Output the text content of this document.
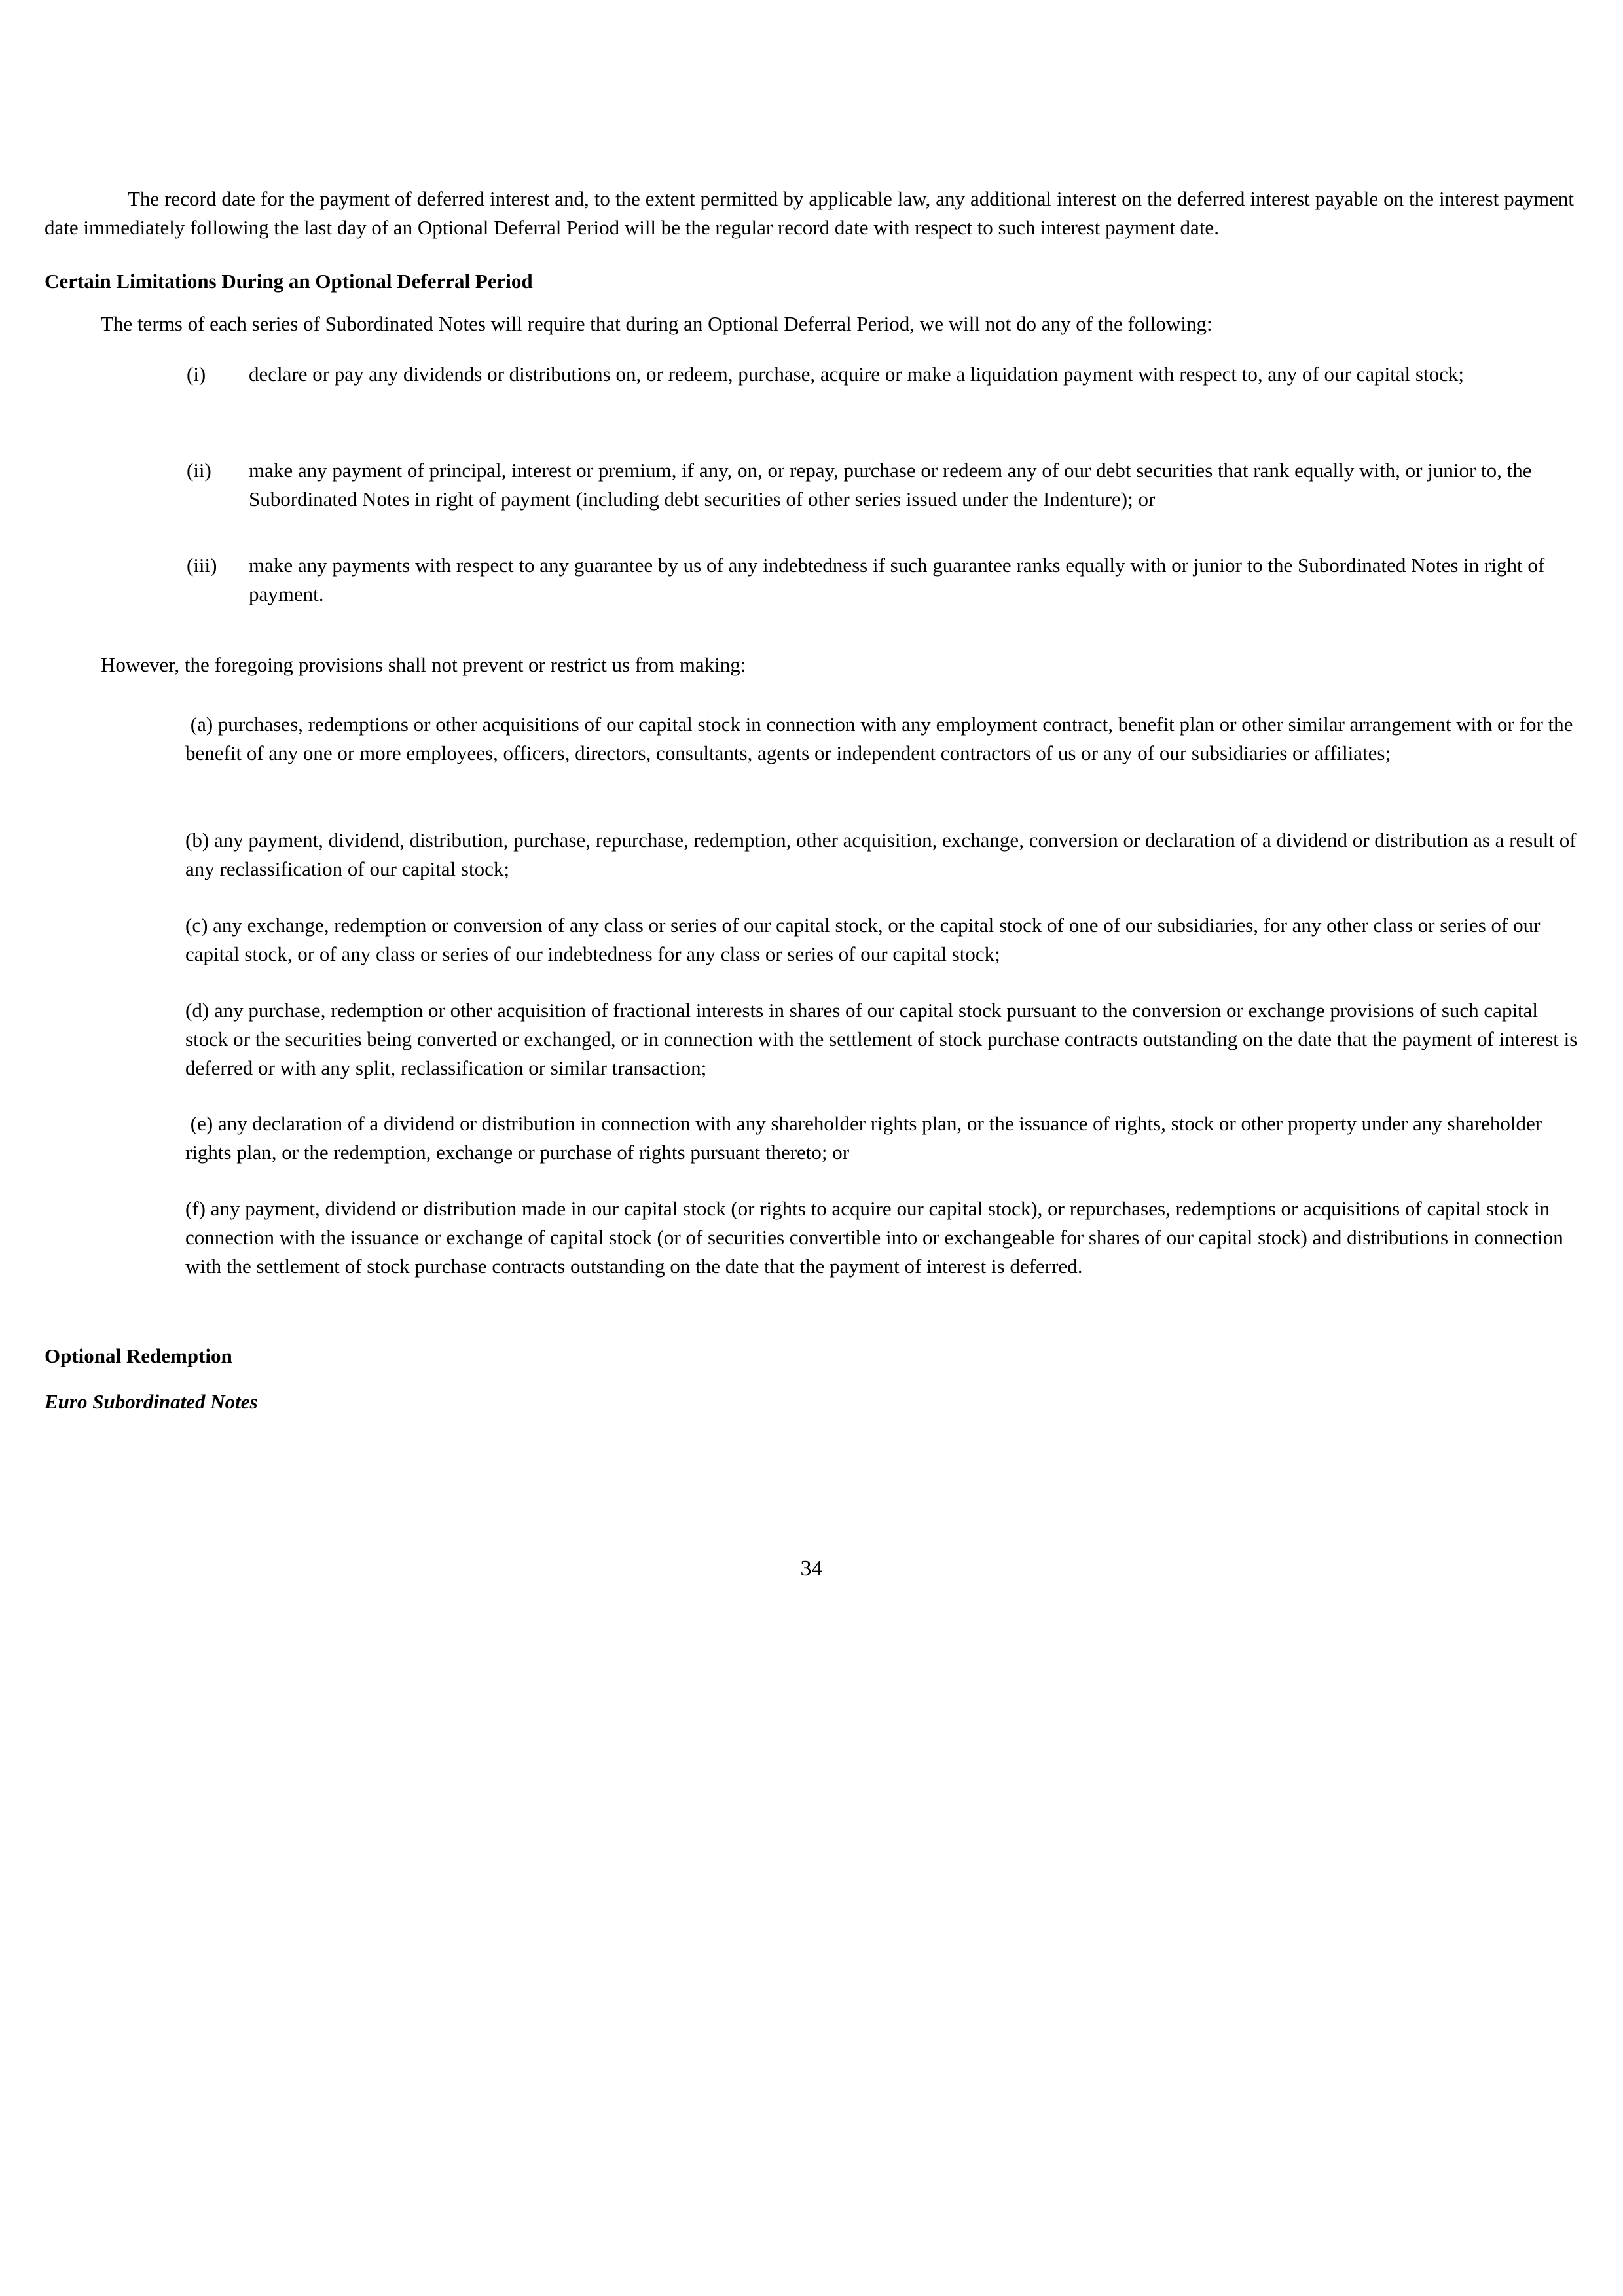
The record date for the payment of deferred interest and, to the extent permitted by applicable law, any additional interest on the deferred interest payable on the interest payment date immediately following the last day of an Optional Deferral Period will be the regular record date with respect to such interest payment date.

Certain Limitations During an Optional Deferral Period

The terms of each series of Subordinated Notes will require that during an Optional Deferral Period, we will not do any of the following:

(i) declare or pay any dividends or distributions on, or redeem, purchase, acquire or make a liquidation payment with respect to, any of our capital stock;
(ii) make any payment of principal, interest or premium, if any, on, or repay, purchase or redeem any of our debt securities that rank equally with, or junior to, the Subordinated Notes in right of payment (including debt securities of other series issued under the Indenture); or
(iii) make any payments with respect to any guarantee by us of any indebtedness if such guarantee ranks equally with or junior to the Subordinated Notes in right of payment.

However, the foregoing provisions shall not prevent or restrict us from making:

(a) purchases, redemptions or other acquisitions of our capital stock in connection with any employment contract, benefit plan or other similar arrangement with or for the benefit of any one or more employees, officers, directors, consultants, agents or independent contractors of us or any of our subsidiaries or affiliates;

(b) any payment, dividend, distribution, purchase, repurchase, redemption, other acquisition, exchange, conversion or declaration of a dividend or distribution as a result of any reclassification of our capital stock;

(c) any exchange, redemption or conversion of any class or series of our capital stock, or the capital stock of one of our subsidiaries, for any other class or series of our capital stock, or of any class or series of our indebtedness for any class or series of our capital stock;

(d) any purchase, redemption or other acquisition of fractional interests in shares of our capital stock pursuant to the conversion or exchange provisions of such capital stock or the securities being converted or exchanged, or in connection with the settlement of stock purchase contracts outstanding on the date that the payment of interest is deferred or with any split, reclassification or similar transaction;

(e) any declaration of a dividend or distribution in connection with any shareholder rights plan, or the issuance of rights, stock or other property under any shareholder rights plan, or the redemption, exchange or purchase of rights pursuant thereto; or

(f) any payment, dividend or distribution made in our capital stock (or rights to acquire our capital stock), or repurchases, redemptions or acquisitions of capital stock in connection with the issuance or exchange of capital stock (or of securities convertible into or exchangeable for shares of our capital stock) and distributions in connection with the settlement of stock purchase contracts outstanding on the date that the payment of interest is deferred.

Optional Redemption
Euro Subordinated Notes
34
